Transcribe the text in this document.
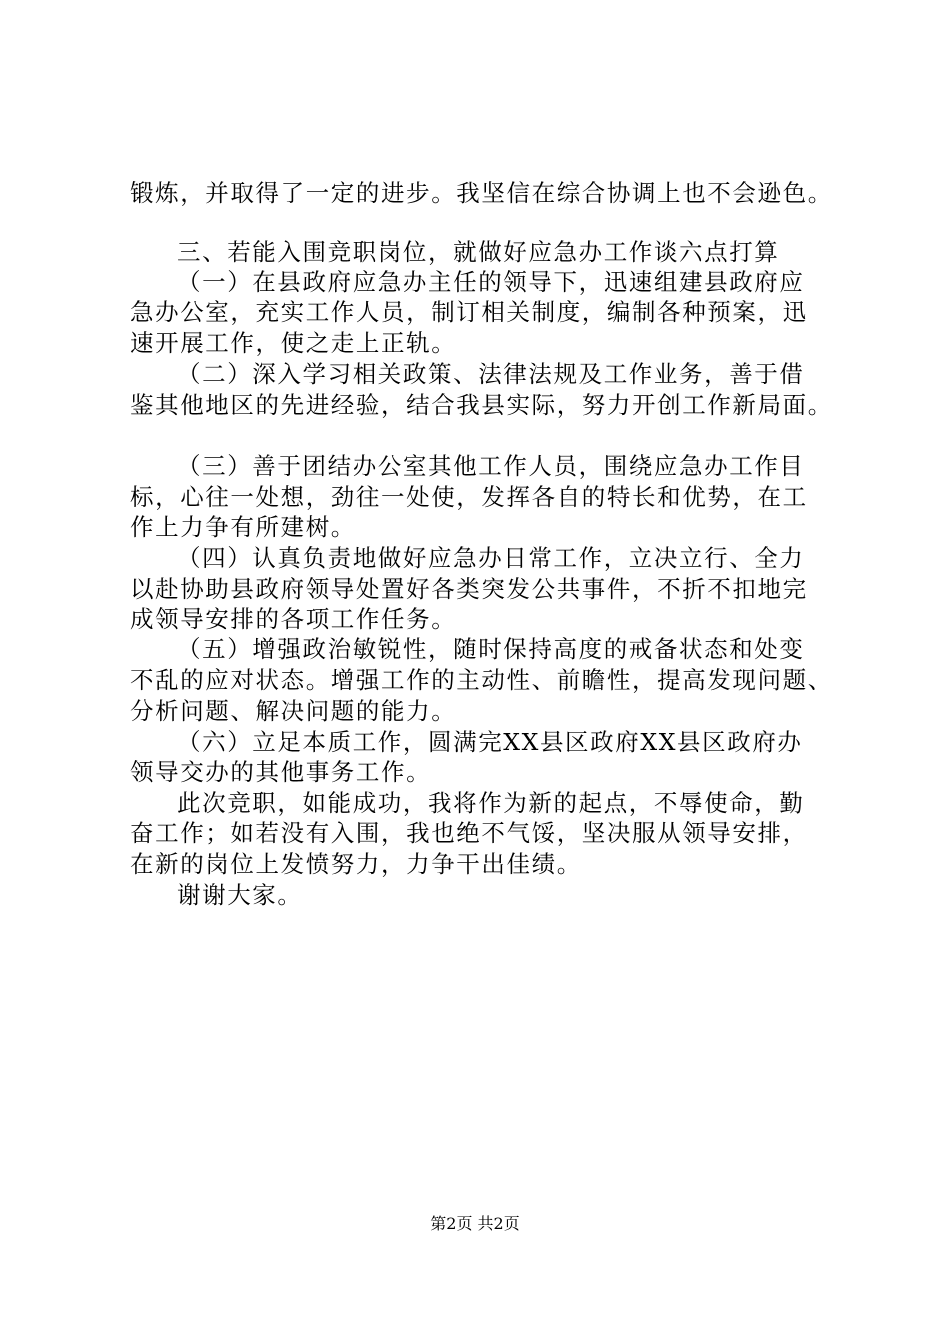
锻炼，并取得了一定的进步。我坚信在综合协调上也不会逊色。
三、若能入围竞职岗位，就做好应急办工作谈六点打算
（一）在县政府应急办主任的领导下，迅速组建县政府应
急办公室，充实工作人员，制订相关制度，编制各种预案，迅
速开展工作，使之走上正轨。
（二）深入学习相关政策、法律法规及工作业务，善于借
鉴其他地区的先进经验，结合我县实际，努力开创工作新局面。
（三）善于团结办公室其他工作人员，围绕应急办工作目
标，心往一处想，劲往一处使，发挥各自的特长和优势，在工
作上力争有所建树。
（四）认真负责地做好应急办日常工作，立决立行、全力
以赴协助县政府领导处置好各类突发公共事件，不折不扣地完
成领导安排的各项工作任务。
（五）增强政治敏锐性，随时保持高度的戒备状态和处变
不乱的应对状态。增强工作的主动性、前瞻性，提高发现问题、
分析问题、解决问题的能力。
（六）立足本质工作，圆满完XX县区政府XX县区政府办
领导交办的其他事务工作。
此次竞职，如能成功，我将作为新的起点，不辱使命，勤
奋工作；如若没有入围，我也绝不气馁，坚决服从领导安排，
在新的岗位上发愤努力，力争干出佳绩。
谢谢大家。
第2页 共2页
